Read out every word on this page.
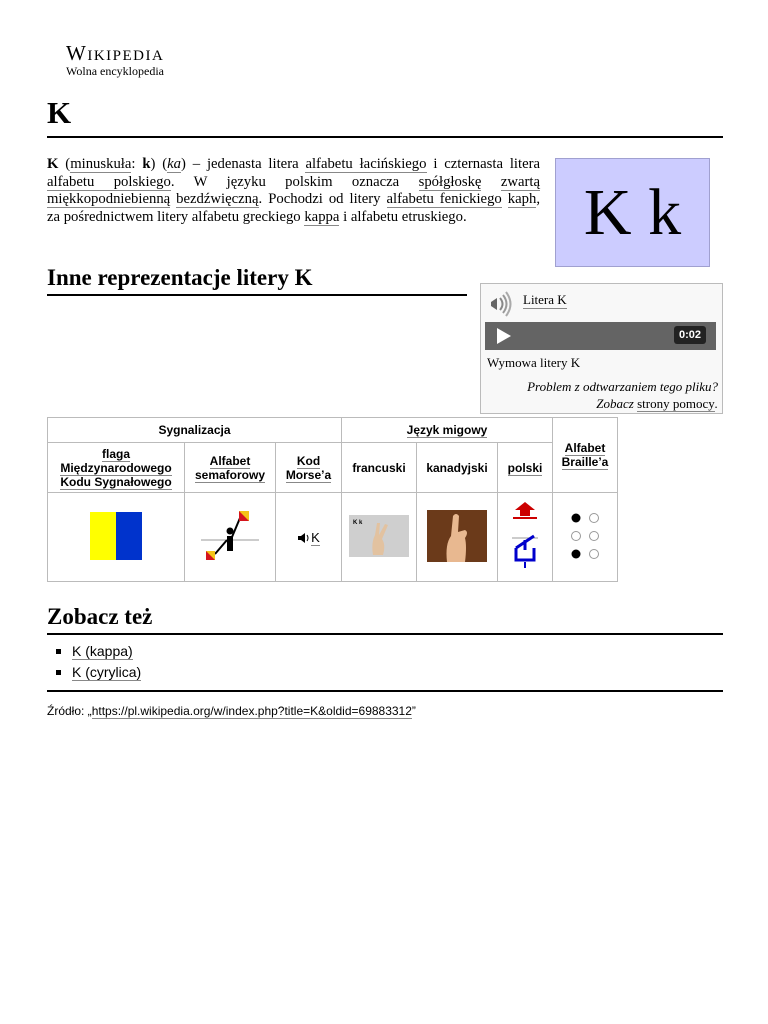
Wikipedia
Wolna encyklopedia
K
K (minuskuła: k) (ka) – jedenasta litera alfabetu łacińskiego i czternasta litera alfabetu polskiego. W języku polskim oznacza spółgłoskę zwartą miękkopodniebienną bezdźwięczną. Pochodzi od litery alfabetu fenickiego kaph, za pośrednictwem litery alfabetu greckiego kappa i alfabetu etruskiego.	K k
Inne reprezentacje litery K
Litera K
0:02
Wymowa litery K
Problem z odtwarzaniem tego pliku?
Zobacz strony pomocy.
Sygnalizacja			Język migowy			Alfabet Braille’a
flaga Międzynarodowego Kodu Sygnałowego	Alfabet semaforowy	Kod Morse’a	francuski	kanadyjski	polski	
		K	K k

Zobacz też
K (kappa)
K (cyrylica)
Źródło: „https://pl.wikipedia.org/w/index.php?title=K&oldid=69883312”
